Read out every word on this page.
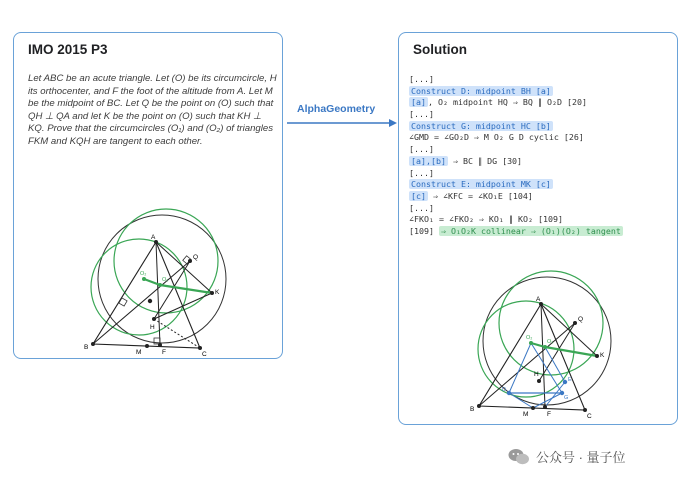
IMO 2015 P3

Let ABC be an acute triangle. Let (O) be its circumcircle, H its orthocenter, and F the foot of the altitude from A. Let M be the midpoint of BC. Let Q be the point on (O) such that QH ⊥ QA and let K be the point on (O) such that KH ⊥ KQ. Prove that the circumcircles (O₁) and (O₂) of triangles FKM and KQH are tangent to each other.

A
B
C
M	F
H
K
Q
O₂
O₁
AlphaGeometry
Solution
[...]
Construct D: midpoint BH [a]
[a] , O₂ midpoint HQ ⇒ BQ ∥ O₂D [20]
[...]
Construct G: midpoint HC [b]
∠GMD = ∠GO₂D ⇒ M O₂ G D cyclic [26]
[...]
[a],[b] ⇒ BC ∥ DG [30]
[...]
Construct E: midpoint MK [c]
[c] ⇒ ∠KFC = ∠KO₁E [104]
[...]
∠FKO₁ = ∠FKO₂ ⇒ KO₁ ∥ KO₂ [109]
[109] ⇒ O₁O₂K collinear ⇒ (O₁)(O₂) tangent
A
B
C
M	F
H
K
Q
D
G
E
O₂
O₁
公众号 · 量子位
